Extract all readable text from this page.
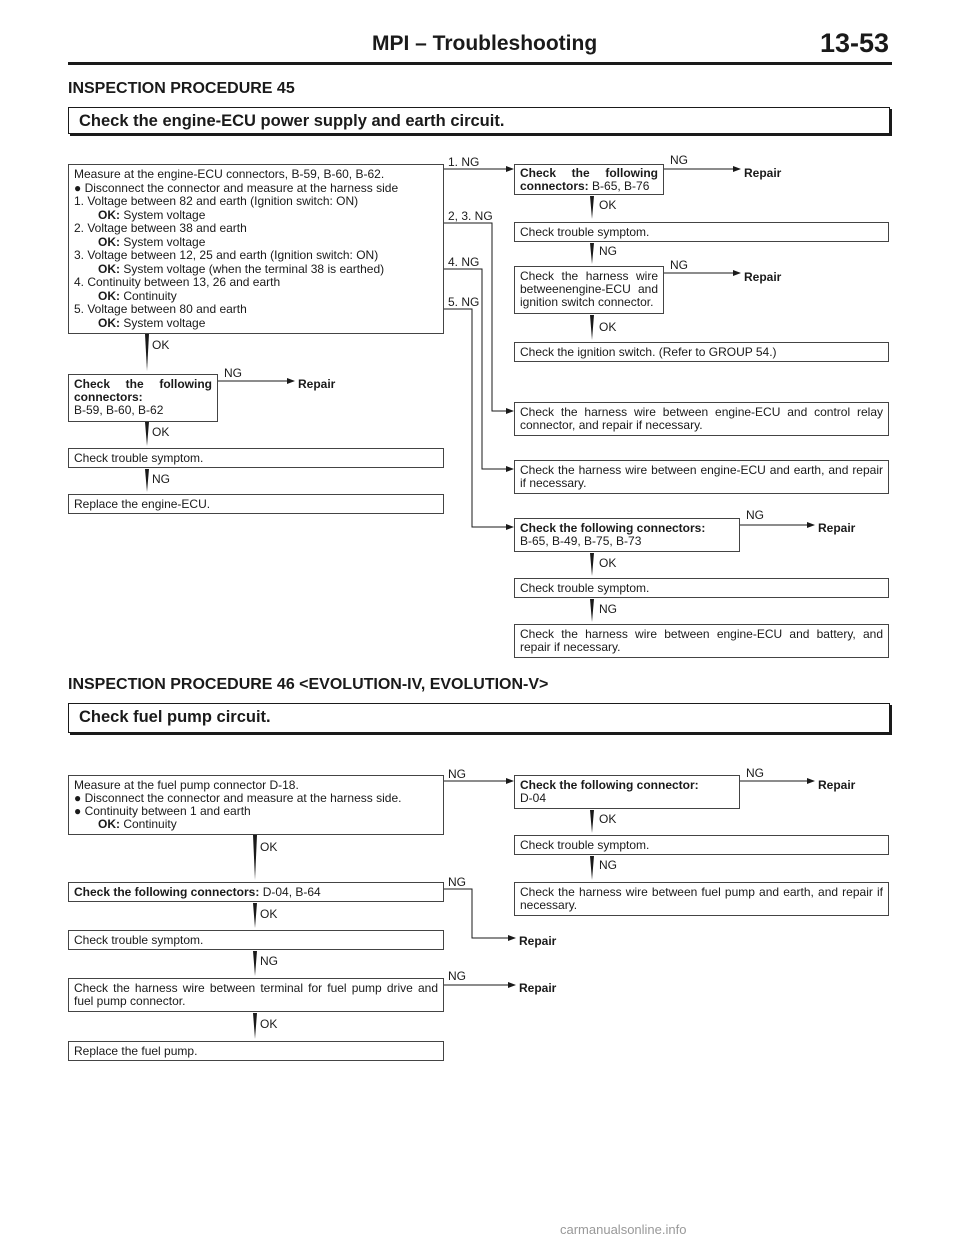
MPI – Troubleshooting	13-53
INSPECTION PROCEDURE 45
Check the engine-ECU power supply and earth circuit.
Measure at the engine-ECU connectors, B-59, B-60, B-62.
● Disconnect the connector and measure at the harness side
1. Voltage between 82 and earth (Ignition switch: ON)
OK: System voltage
2. Voltage between 38 and earth
OK: System voltage
3. Voltage between 12, 25 and earth (Ignition switch: ON)
OK: System voltage (when the terminal 38 is earthed)
4. Continuity between 13, 26 and earth
OK: Continuity
5. Voltage between 80 and earth
OK: System voltage
1. NG
2, 3. NG
4. NG
5. NG
Check the following connectors: B-65, B-76
NG
Repair
OK
Check trouble symptom.
NG
Check the harness wire betweenengine-ECU and ignition switch connector.
NG
Repair
OK
Check the ignition switch. (Refer to GROUP 54.)
OK
Check the following connectors:
B-59, B-60, B-62
NG
Repair
OK
Check trouble symptom.
NG
Replace the engine-ECU.
Check the harness wire between engine-ECU and control relay connector, and repair if necessary.
Check the harness wire between engine-ECU and earth, and repair if necessary.
Check the following connectors:
B-65, B-49, B-75, B-73
NG
Repair
OK
Check trouble symptom.
NG
Check the harness wire between engine-ECU and battery, and repair if necessary.
INSPECTION PROCEDURE 46 <EVOLUTION-IV, EVOLUTION-V>
Check fuel pump circuit.
Measure at the fuel pump connector D-18.
● Disconnect the connector and measure at the harness side.
● Continuity between 1 and earth
OK: Continuity
NG
Check the following connector:
D-04
NG
Repair
OK
Check trouble symptom.
NG
Check the harness wire between fuel pump and earth, and repair if necessary.
OK
Check the following connectors: D-04, B-64
NG
OK
Check trouble symptom.	Repair
NG
Check the harness wire between terminal for fuel pump drive and fuel pump connector.
NG
Repair
OK
Replace the fuel pump.
carmanualsonline.info
